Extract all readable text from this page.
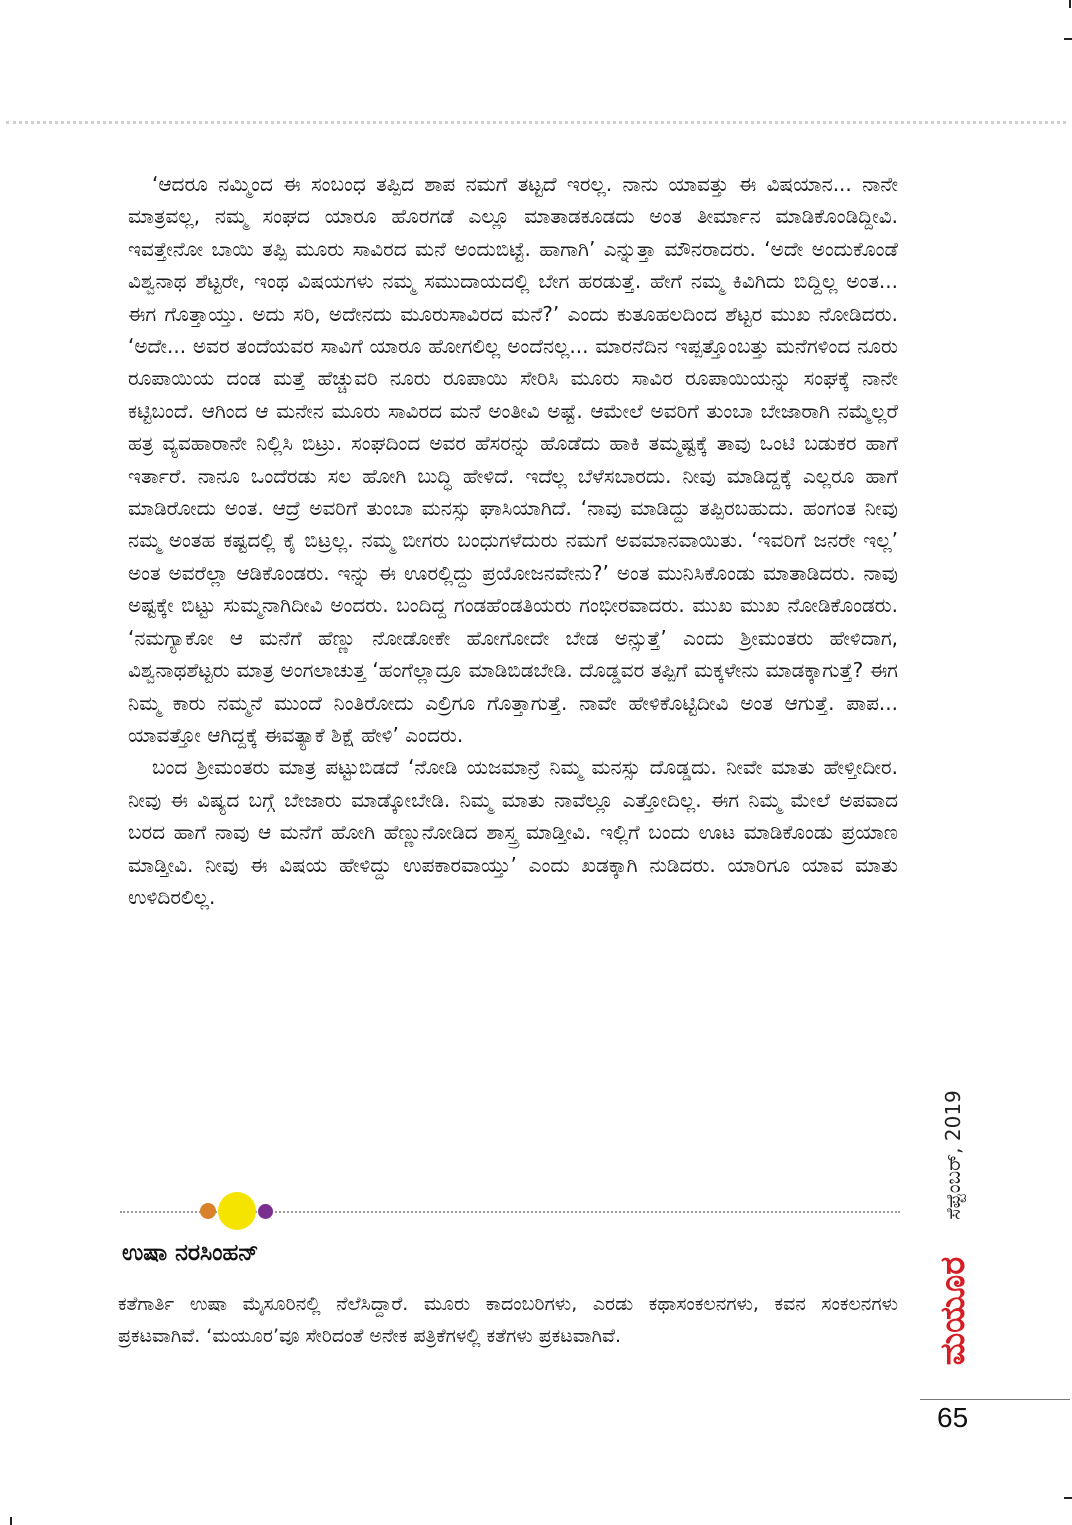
‘ಆದರೂ ನಮ್ಮಿಂದ ಈ ಸಂಬಂಧ ತಪ್ಪಿದ ಶಾಪ ನಮಗೆ ತಟ್ಟದೆ ಇರಲ್ಲ. ನಾನು ಯಾವತ್ತು ಈ ವಿಷಯಾನ... ನಾನೇ ಮಾತ್ರವಲ್ಲ, ನಮ್ಮ ಸಂಘದ ಯಾರೂ ಹೊರಗಡೆ ಎಲ್ಲೂ ಮಾತಾಡಕೂಡದು ಅಂತ ತೀರ್ಮಾನ ಮಾಡಿಕೊಂಡಿದ್ದೀವಿ. ಇವತ್ತೇನೋ ಬಾಯಿ ತಪ್ಪಿ ಮೂರು ಸಾವಿರದ ಮನೆ ಅಂದುಬಿಟ್ಟೆ. ಹಾಗಾಗಿ’ ಎನ್ನುತ್ತಾ ಮೌನರಾದರು. ‘ಅದೇ ಅಂದುಕೊಂಡೆ ವಿಶ್ವನಾಥ ಶೆಟ್ಟರೇ, ಇಂಥ ವಿಷಯಗಳು ನಮ್ಮ ಸಮುದಾಯದಲ್ಲಿ ಬೇಗ ಹರಡುತ್ತೆ. ಹೇಗೆ ನಮ್ಮ ಕಿವಿಗಿದು ಬಿದ್ದಿಲ್ಲ ಅಂತ... ಈಗ ಗೊತ್ತಾಯ್ತು. ಅದು ಸರಿ, ಅದೇನದು ಮೂರುಸಾವಿರದ ಮನೆ?’ ಎಂದು ಕುತೂಹಲದಿಂದ ಶೆಟ್ಟರ ಮುಖ ನೋಡಿದರು. ‘ಅದೇ... ಅವರ ತಂದೆಯವರ ಸಾವಿಗೆ ಯಾರೂ ಹೋಗಲಿಲ್ಲ ಅಂದೆನಲ್ಲ... ಮಾರನೆದಿನ ಇಪ್ಪತ್ತೊಂಬತ್ತು ಮನೆಗಳಿಂದ ನೂರು ರೂಪಾಯಿಯ ದಂಡ ಮತ್ತೆ ಹೆಚ್ಚುವರಿ ನೂರು ರೂಪಾಯಿ ಸೇರಿಸಿ ಮೂರು ಸಾವಿರ ರೂಪಾಯಿಯನ್ನು ಸಂಘಕ್ಕೆ ನಾನೇ ಕಟ್ಟಿಬಂದೆ. ಆಗಿಂದ ಆ ಮನೇನ ಮೂರು ಸಾವಿರದ ಮನೆ ಅಂತೀವಿ ಅಷ್ಟೆ. ಆಮೇಲೆ ಅವರಿಗೆ ತುಂಬಾ ಬೇಜಾರಾಗಿ ನಮ್ಮೆಲ್ಲರೆ ಹತ್ರ ವ್ಯವಹಾರಾನೇ ನಿಲ್ಲಿಸಿ ಬಿಟ್ರು. ಸಂಘದಿಂದ ಅವರ ಹೆಸರನ್ನು ಹೊಡೆದು ಹಾಕಿ ತಮ್ಮಷ್ಟಕ್ಕೆ ತಾವು ಒಂಟಿ ಬಡುಕರ ಹಾಗೆ ಇರ್ತಾರೆ. ನಾನೂ ಒಂದೆರಡು ಸಲ ಹೋಗಿ ಬುದ್ಧಿ ಹೇಳಿದೆ. ಇದೆಲ್ಲ ಬೆಳೆಸಬಾರದು. ನೀವು ಮಾಡಿದ್ದಕ್ಕೆ ಎಲ್ಲರೂ ಹಾಗೆ ಮಾಡಿರೋದು ಅಂತ. ಆದ್ರೆ ಅವರಿಗೆ ತುಂಬಾ ಮನಸ್ಸು ಘಾಸಿಯಾಗಿದೆ. ‘ನಾವು ಮಾಡಿದ್ದು ತಪ್ಪಿರಬಹುದು. ಹಂಗಂತ ನೀವು ನಮ್ಮ ಅಂತಹ ಕಷ್ಟದಲ್ಲಿ ಕೈ ಬಿಟ್ರಲ್ಲ. ನಮ್ಮ ಬೀಗರು ಬಂಧುಗಳೆದುರು ನಮಗೆ ಅವಮಾನವಾಯಿತು. ‘ಇವರಿಗೆ ಜನರೇ ಇಲ್ಲ’ ಅಂತ ಅವರೆಲ್ಲಾ ಆಡಿಕೊಂಡರು. ಇನ್ನು ಈ ಊರಲ್ಲಿದ್ದು ಪ್ರಯೋಜನವೇನು?’ ಅಂತ ಮುನಿಸಿಕೊಂಡು ಮಾತಾಡಿದರು. ನಾವು ಅಷ್ಟಕ್ಕೇ ಬಿಟ್ಟು ಸುಮ್ಮನಾಗಿದೀವಿ ಅಂದರು. ಬಂದಿದ್ದ ಗಂಡಹೆಂಡತಿಯರು ಗಂಭೀರವಾದರು. ಮುಖ ಮುಖ ನೋಡಿಕೊಂಡರು. ‘ನಮಗ್ಯಾಕೋ ಆ ಮನೆಗೆ ಹೆಣ್ಣು ನೋಡೋಕೇ ಹೋಗೋದೇ ಬೇಡ ಅನ್ಸುತ್ತೆ’ ಎಂದು ಶ್ರೀಮಂತರು ಹೇಳಿದಾಗ, ವಿಶ್ವನಾಥಶೆಟ್ಟರು ಮಾತ್ರ ಅಂಗಲಾಚುತ್ತ ‘ಹಂಗೆಲ್ಲಾದ್ರೂ ಮಾಡಿಬಿಡಬೇಡಿ. ದೊಡ್ಡವರ ತಪ್ಪಿಗೆ ಮಕ್ಕಳೇನು ಮಾಡಕ್ಕಾಗುತ್ತೆ? ಈಗ ನಿಮ್ಮ ಕಾರು ನಮ್ಮನೆ ಮುಂದೆ ನಿಂತಿರೋದು ಎಲ್ರಿಗೂ ಗೊತ್ತಾಗುತ್ತೆ. ನಾವೇ ಹೇಳಿಕೊಟ್ಟಿದೀವಿ ಅಂತ ಆಗುತ್ತೆ. ಪಾಪ... ಯಾವತ್ತೋ ಆಗಿದ್ದಕ್ಕೆ ಈವತ್ಯಾಕೆ ಶಿಕ್ಷೆ ಹೇಳಿ’ ಎಂದರು.

ಬಂದ ಶ್ರೀಮಂತರು ಮಾತ್ರ ಪಟ್ಟುಬಿಡದೆ ‘ನೋಡಿ ಯಜಮಾನ್ರೆ ನಿಮ್ಮ ಮನಸ್ಸು ದೊಡ್ಡದು. ನೀವೇ ಮಾತು ಹೇಳ್ತೀದೀರ. ನೀವು ಈ ವಿಷ್ಯದ ಬಗ್ಗೆ ಬೇಜಾರು ಮಾಡ್ಕೋಬೇಡಿ. ನಿಮ್ಮ ಮಾತು ನಾವೆಲ್ಲೂ ಎತ್ತೋದಿಲ್ಲ. ಈಗ ನಿಮ್ಮ ಮೇಲೆ ಅಪವಾದ ಬರದ ಹಾಗೆ ನಾವು ಆ ಮನೆಗೆ ಹೋಗಿ ಹೆಣ್ಣುನೋಡಿದ ಶಾಸ್ತ್ರ ಮಾಡ್ತೀವಿ. ಇಲ್ಲಿಗೆ ಬಂದು ಊಟ ಮಾಡಿಕೊಂಡು ಪ್ರಯಾಣ ಮಾಡ್ತೀವಿ. ನೀವು ಈ ವಿಷಯ ಹೇಳಿದ್ದು ಉಪಕಾರವಾಯ್ತು’ ಎಂದು ಖಡಕ್ಕಾಗಿ ನುಡಿದರು. ಯಾರಿಗೂ ಯಾವ ಮಾತು ಉಳಿದಿರಲಿಲ್ಲ.

ಉಷಾ ನರಸಿಂಹನ್

ಕತೆಗಾರ್ತಿ ಉಷಾ ಮೈಸೂರಿನಲ್ಲಿ ನೆಲೆಸಿದ್ದಾರೆ. ಮೂರು ಕಾದಂಬರಿಗಳು, ಎರಡು ಕಥಾಸಂಕಲನಗಳು, ಕವನ ಸಂಕಲನಗಳು ಪ್ರಕಟವಾಗಿವೆ. ‘ಮಯೂರ’ವೂ ಸೇರಿದಂತೆ ಅನೇಕ ಪತ್ರಿಕೆಗಳಲ್ಲಿ ಕತೆಗಳು ಪ್ರಕಟವಾಗಿವೆ.

ಸೆಪ್ಟೆಂಬರ್, 2019
ಮಯೂರ
65
